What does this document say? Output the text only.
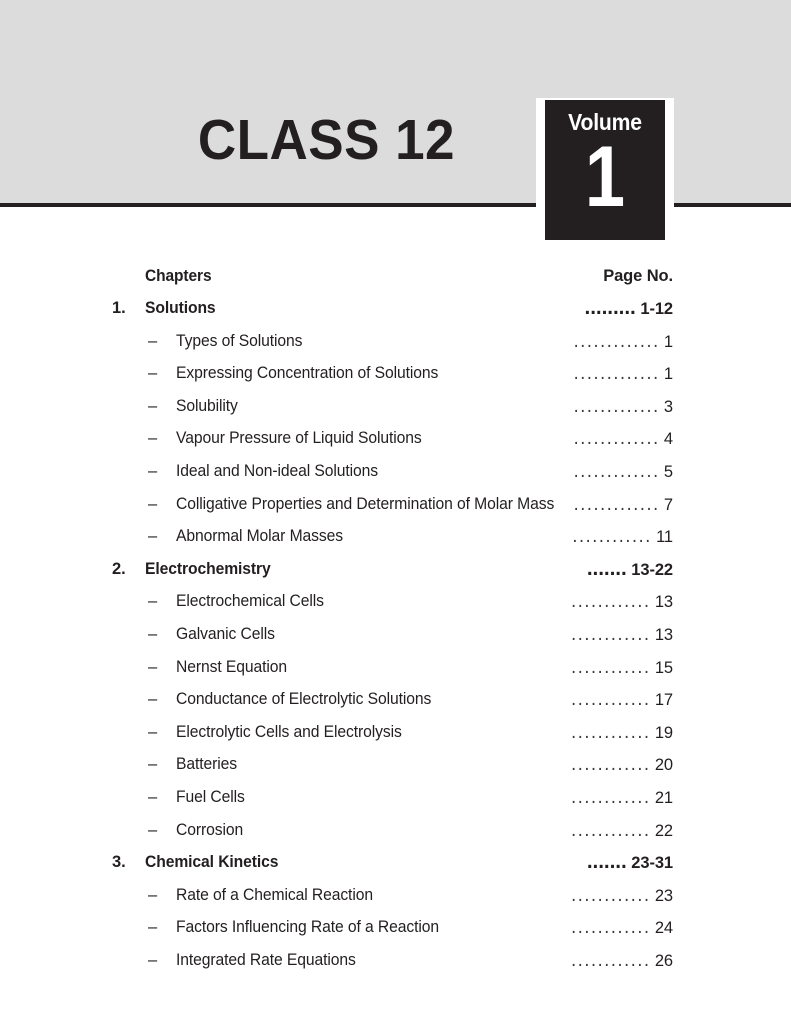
CLASS 12	Volume
1
Chapters	Page No.
1.	Solutions	․․․․․․․․․ 1-12
– Types of Solutions	․․․․․․․․․․․․․ 1
– Expressing Concentration of Solutions	․․․․․․․․․․․․․ 1
– Solubility	․․․․․․․․․․․․․ 3
– Vapour Pressure of Liquid Solutions	․․․․․․․․․․․․․ 4
– Ideal and Non-ideal Solutions	․․․․․․․․․․․․․ 5
– Colligative Properties and Determination of Molar Mass	․․․․․․․․․․․․․ 7
– Abnormal Molar Masses	․․․․․․․․․․․․ 11
2.	Electrochemistry	․․․․․․․ 13-22
– Electrochemical Cells	․․․․․․․․․․․․ 13
– Galvanic Cells	․․․․․․․․․․․․ 13
– Nernst Equation	․․․․․․․․․․․․ 15
– Conductance of Electrolytic Solutions	․․․․․․․․․․․․ 17
– Electrolytic Cells and Electrolysis	․․․․․․․․․․․․ 19
– Batteries	․․․․․․․․․․․․ 20
– Fuel Cells	․․․․․․․․․․․․ 21
– Corrosion	․․․․․․․․․․․․ 22
3.	Chemical Kinetics	․․․․․․․ 23-31
– Rate of a Chemical Reaction	․․․․․․․․․․․․ 23
– Factors Influencing Rate of a Reaction	․․․․․․․․․․․․ 24
– Integrated Rate Equations	․․․․․․․․․․․․ 26
